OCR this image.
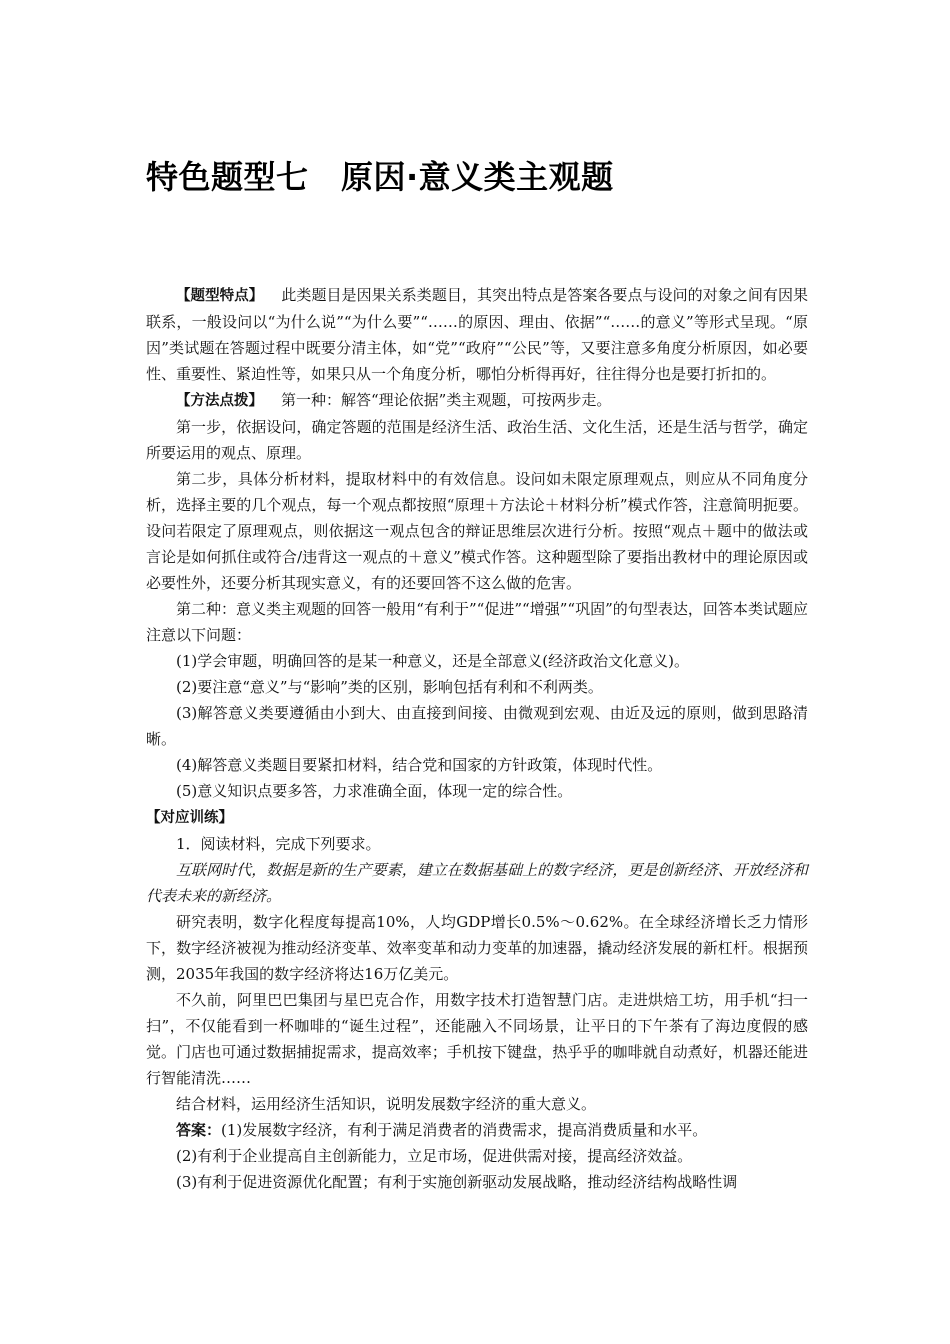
特色题型七　原因·意义类主观题

【题型特点】 此类题目是因果关系类题目，其突出特点是答案各要点与设问的对象之间有因果联系，一般设问以“为什么说”“为什么要”“……的原因、理由、依据”“……的意义”等形式呈现。“原因”类试题在答题过程中既要分清主体，如“党”“政府”“公民”等，又要注意多角度分析原因，如必要性、重要性、紧迫性等，如果只从一个角度分析，哪怕分析得再好，往往得分也是要打折扣的。

【方法点拨】 第一种：解答“理论依据”类主观题，可按两步走。

第一步，依据设问，确定答题的范围是经济生活、政治生活、文化生活，还是生活与哲学，确定所要运用的观点、原理。

第二步，具体分析材料，提取材料中的有效信息。设问如未限定原理观点，则应从不同角度分析，选择主要的几个观点，每一个观点都按照“原理＋方法论＋材料分析”模式作答，注意简明扼要。设问若限定了原理观点，则依据这一观点包含的辩证思维层次进行分析。按照“观点＋题中的做法或言论是如何抓住或符合/违背这一观点的＋意义”模式作答。这种题型除了要指出教材中的理论原因或必要性外，还要分析其现实意义，有的还要回答不这么做的危害。

第二种：意义类主观题的回答一般用“有利于”“促进”“增强”“巩固”的句型表达，回答本类试题应注意以下问题：

(1)学会审题，明确回答的是某一种意义，还是全部意义(经济政治文化意义)。

(2)要注意“意义”与“影响”类的区别，影响包括有利和不利两类。

(3)解答意义类要遵循由小到大、由直接到间接、由微观到宏观、由近及远的原则，做到思路清晰。

(4)解答意义类题目要紧扣材料，结合党和国家的方针政策，体现时代性。

(5)意义知识点要多答，力求准确全面，体现一定的综合性。

【对应训练】

1．阅读材料，完成下列要求。

互联网时代，数据是新的生产要素，建立在数据基础上的数字经济，更是创新经济、开放经济和代表未来的新经济。

研究表明，数字化程度每提高10%，人均GDP增长0.5%～0.62%。在全球经济增长乏力情形下，数字经济被视为推动经济变革、效率变革和动力变革的加速器，撬动经济发展的新杠杆。根据预测，2035年我国的数字经济将达16万亿美元。

不久前，阿里巴巴集团与星巴克合作，用数字技术打造智慧门店。走进烘焙工坊，用手机“扫一扫”，不仅能看到一杯咖啡的“诞生过程”，还能融入不同场景，让平日的下午茶有了海边度假的感觉。门店也可通过数据捕捉需求，提高效率；手机按下键盘，热乎乎的咖啡就自动煮好，机器还能进行智能清洗……

结合材料，运用经济生活知识，说明发展数字经济的重大意义。

答案：(1)发展数字经济，有利于满足消费者的消费需求，提高消费质量和水平。

(2)有利于企业提高自主创新能力，立足市场，促进供需对接，提高经济效益。

(3)有利于促进资源优化配置；有利于实施创新驱动发展战略，推动经济结构战略性调
